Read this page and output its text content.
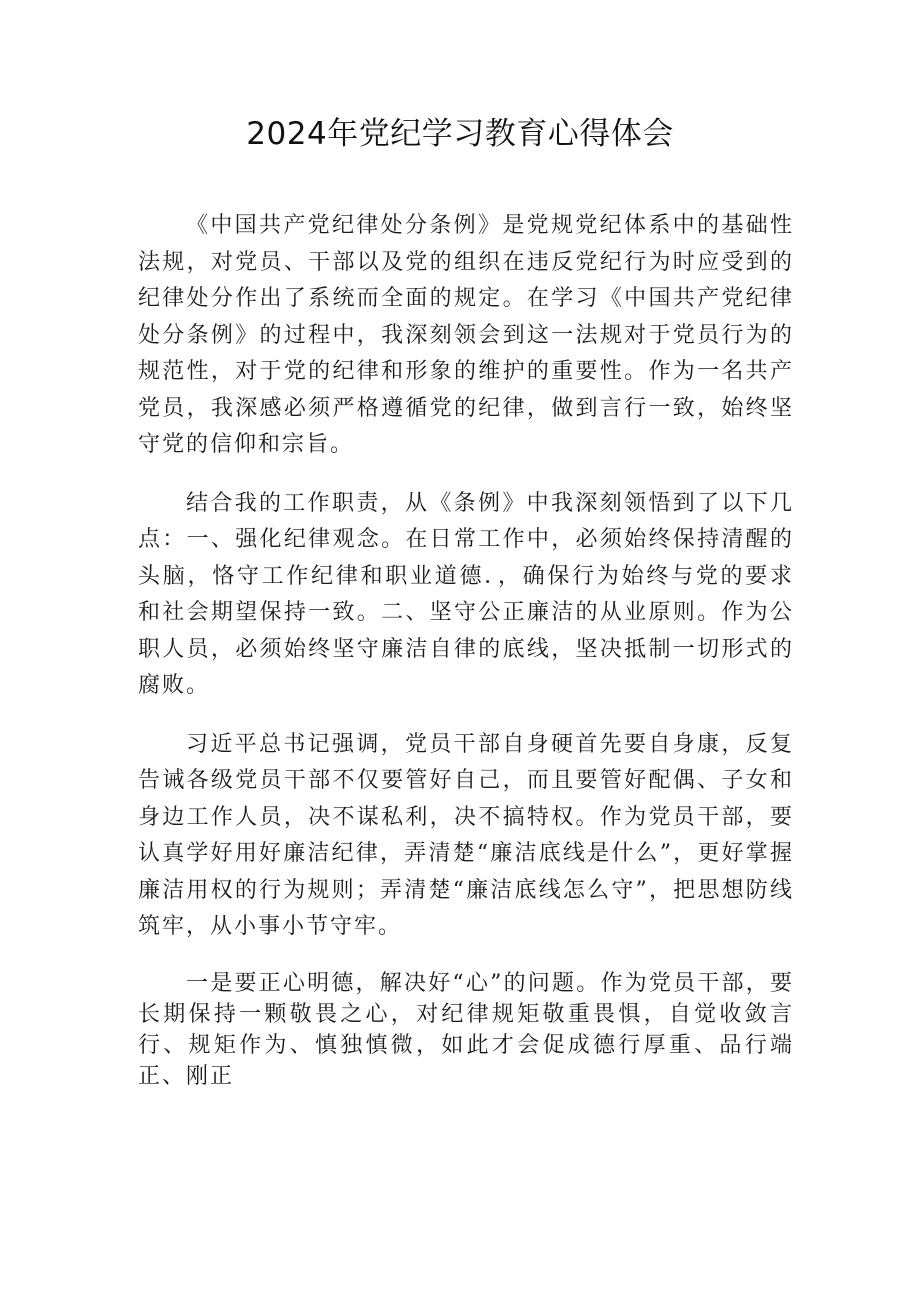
2024年党纪学习教育心得体会

《中国共产党纪律处分条例》是党规党纪体系中的基础性法规，对党员、干部以及党的组织在违反党纪行为时应受到的纪律处分作出了系统而全面的规定。在学习《中国共产党纪律处分条例》的过程中，我深刻领会到这一法规对于党员行为的规范性，对于党的纪律和形象的维护的重要性。作为一名共产党员，我深感必须严格遵循党的纪律，做到言行一致，始终坚守党的信仰和宗旨。

结合我的工作职责，从《条例》中我深刻领悟到了以下几点：一、强化纪律观念。在日常工作中，必须始终保持清醒的头脑，恪守工作纪律和职业道德．，确保行为始终与党的要求和社会期望保持一致。二、坚守公正廉洁的从业原则。作为公职人员，必须始终坚守廉洁自律的底线，坚决抵制一切形式的腐败。

习近平总书记强调，党员干部自身硬首先要自身康，反复告诫各级党员干部不仅要管好自己，而且要管好配偶、子女和身边工作人员，决不谋私利，决不搞特权。作为党员干部，要认真学好用好廉洁纪律，弄清楚“廉洁底线是什么”，更好掌握廉洁用权的行为规则；弄清楚“廉洁底线怎么守”，把思想防线筑牢，从小事小节守牢。

一是要正心明德，解决好“心”的问题。作为党员干部，要长期保持一颗敬畏之心，对纪律规矩敬重畏惧，自觉收敛言行、规矩作为、慎独慎微，如此才会促成德行厚重、品行端正、刚正
